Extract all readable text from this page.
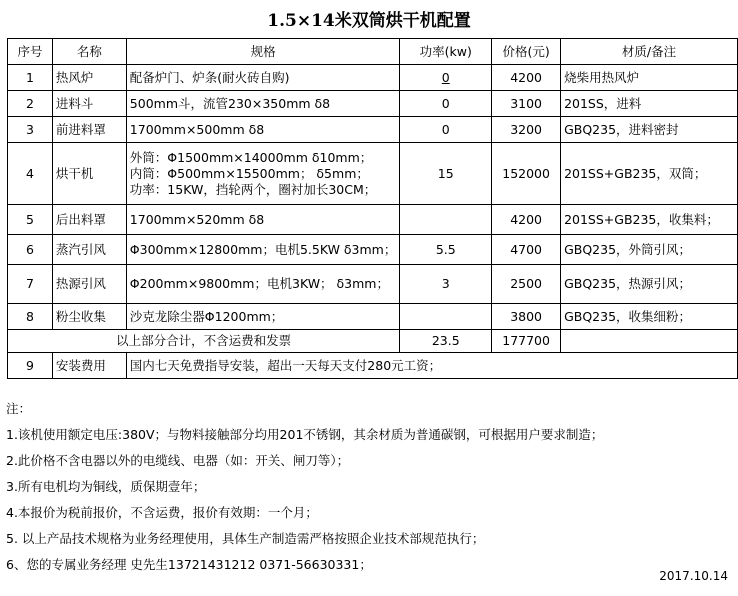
1.5×14米双筒烘干机配置
序号	名称	规格	功率(kw)	价格(元)	材质/备注
1	热风炉	配备炉门、炉条(耐火砖自购)	0	4200	烧柴用热风炉
2	进料斗	500mm斗，流管230×350mm δ8	0	3100	201SS，进料
3	前进料罩	1700mm×500mm δ8	0	3200	GBQ235，进料密封
4	烘干机	外筒：Φ1500mm×14000mm δ10mm；
内筒：Φ500mm×15500mm； δ5mm；
功率：15KW，挡轮两个，圈衬加长30CM；	15	152000	201SS+GB235，双筒；
5	后出料罩	1700mm×520mm δ8		4200	201SS+GB235，收集料；
6	蒸汽引风	Φ300mm×12800mm；电机5.5KW δ3mm；	5.5	4700	GBQ235，外筒引风；
7	热源引风	Φ200mm×9800mm；电机3KW； δ3mm；	3	2500	GBQ235，热源引风；
8	粉尘收集	沙克龙除尘器Φ1200mm；		3800	GBQ235，收集细粉；
以上部分合计，不含运费和发票			23.5	177700	
9	安装费用	国内七天免费指导安装，超出一天每天支付280元工资；			
注：
1.该机使用额定电压:380V；与物料接触部分均用201不锈钢，其余材质为普通碳钢，可根据用户要求制造；
2.此价格不含电器以外的电缆线、电器（如：开关、闸刀等）；
3.所有电机均为铜线，质保期壹年；
4.本报价为税前报价，不含运费，报价有效期：一个月；
5. 以上产品技术规格为业务经理使用，具体生产制造需严格按照企业技术部规范执行；
6、您的专属业务经理 史先生13721431212 0371-56630331；
2017.10.14
